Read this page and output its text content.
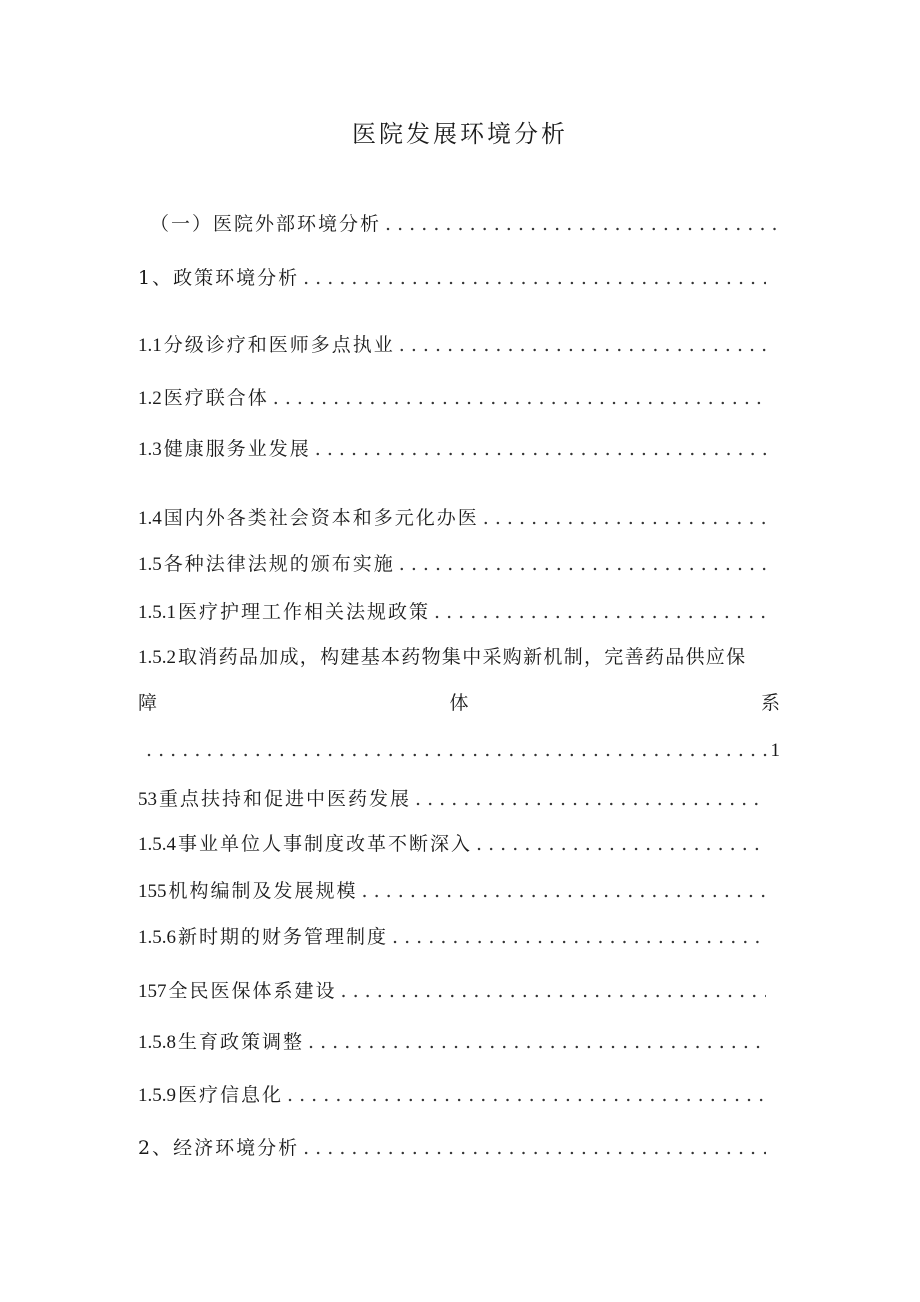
医院发展环境分析
（一）医院外部环境分析
. . .
1、政策环境分析
. . .
1.1 分级诊疗和医师多点执业
. . .
1.2 医疗联合体
. . .
1.3 健康服务业发展
. . .
1.4 国内外各类社会资本和多元化办医
. . .
1.5 各种法律法规的颁布实施
. . .
1.5.1 医疗护理工作相关法规政策
. . .
1.5.2 取消药品加成，构建基本药物集中采购新机制，完善药品供应保
障	体	系
. . .
1
53 重点扶持和促进中医药发展
. . .
1.5.4 事业单位人事制度改革不断深入
. . .
155 机构编制及发展规模
. . .
1.5.6 新时期的财务管理制度
. . .
157 全民医保体系建设
. . .
1.5.8 生育政策调整
. . .
1.5.9 医疗信息化
. . .
2、经济环境分析
. . .
